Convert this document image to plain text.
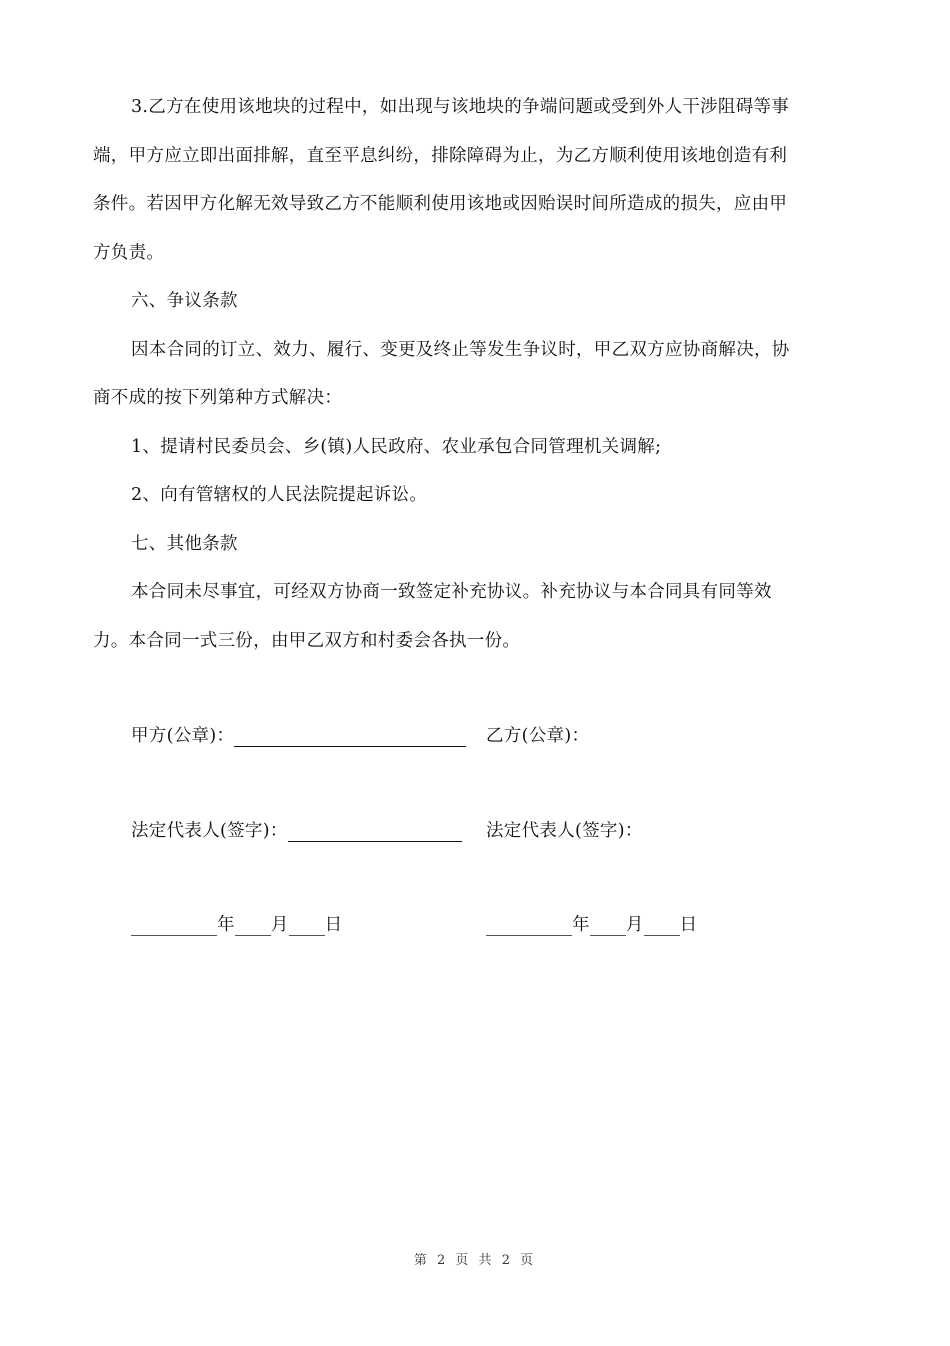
3.乙方在使用该地块的过程中，如出现与该地块的争端问题或受到外人干涉阻碍等事
端，甲方应立即出面排解，直至平息纠纷，排除障碍为止，为乙方顺利使用该地创造有利
条件。若因甲方化解无效导致乙方不能顺利使用该地或因贻误时间所造成的损失，应由甲
方负责。
六、争议条款
因本合同的订立、效力、履行、变更及终止等发生争议时，甲乙双方应协商解决，协
商不成的按下列第种方式解决：
1、提请村民委员会、乡(镇)人民政府、农业承包合同管理机关调解;
2、向有管辖权的人民法院提起诉讼。
七、其他条款
本合同未尽事宜，可经双方协商一致签定补充协议。补充协议与本合同具有同等效
力。本合同一式三份，由甲乙双方和村委会各执一份。
甲方(公章)：	乙方(公章)：
法定代表人(签字)：	法定代表人(签字)：
年 月 日	年 月 日
第 2 页 共 2 页
